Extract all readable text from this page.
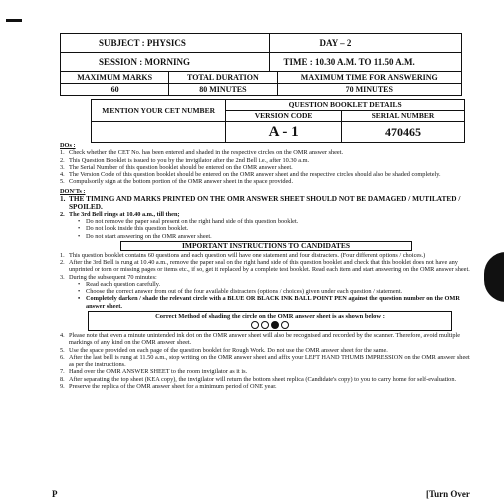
SUBJECT : PHYSICS	DAY – 2
SESSION : MORNING	TIME : 10.30 A.M. TO 11.50 A.M.
MAXIMUM MARKS	TOTAL DURATION	MAXIMUM TIME FOR ANSWERING
60	80 MINUTES	70 MINUTES
MENTION YOUR CET NUMBER	QUESTION BOOKLET DETAILS	
	VERSION CODE	SERIAL NUMBER
	A - 1	470465
DOs :
1. Check whether the CET No. has been entered and shaded in the respective circles on the OMR answer sheet.
2. This Question Booklet is issued to you by the invigilator after the 2nd Bell i.e., after 10.30 a.m.
3. The Serial Number of this question booklet should be entered on the OMR answer sheet.
4. The Version Code of this question booklet should be entered on the OMR answer sheet and the respective circles should also be shaded completely.
5. Compulsorily sign at the bottom portion of the OMR answer sheet in the space provided.
DON'Ts :
1. THE TIMING AND MARKS PRINTED ON THE OMR ANSWER SHEET SHOULD NOT BE DAMAGED / MUTILATED / SPOILED.
2. The 3rd Bell rings at 10.40 a.m., till then;
• Do not remove the paper seal present on the right hand side of this question booklet.
• Do not look inside this question booklet.
• Do not start answering on the OMR answer sheet.
IMPORTANT INSTRUCTIONS TO CANDIDATES
1. This question booklet contains 60 questions and each question will have one statement and four distracters. (Four different options / choices.)
2. After the 3rd Bell is rung at 10.40 a.m., remove the paper seal on the right hand side of this question booklet and check that this booklet does not have any unprinted or torn or missing pages or items etc., if so, get it replaced by a complete test booklet. Read each item and start answering on the OMR answer sheet.
3. During the subsequent 70 minutes:
• Read each question carefully.
• Choose the correct answer from out of the four available distracters (options / choices) given under each question / statement.
• Completely darken / shade the relevant circle with a BLUE OR BLACK INK BALL POINT PEN against the question number on the OMR answer sheet.
Correct Method of shading the circle on the OMR answer sheet is as shown below :
4. Please note that even a minute unintended ink dot on the OMR answer sheet will also be recognised and recorded by the scanner. Therefore, avoid multiple markings of any kind on the OMR answer sheet.
5. Use the space provided on each page of the question booklet for Rough Work. Do not use the OMR answer sheet for the same.
6. After the last bell is rung at 11.50 a.m., stop writing on the OMR answer sheet and affix your LEFT HAND THUMB IMPRESSION on the OMR answer sheet as per the instructions.
7. Hand over the OMR ANSWER SHEET to the room invigilator as it is.
8. After separating the top sheet (KEA copy), the invigilator will return the bottom sheet replica (Candidate's copy) to you to carry home for self-evaluation.
9. Preserve the replica of the OMR answer sheet for a minimum period of ONE year.
P	[Turn Over
